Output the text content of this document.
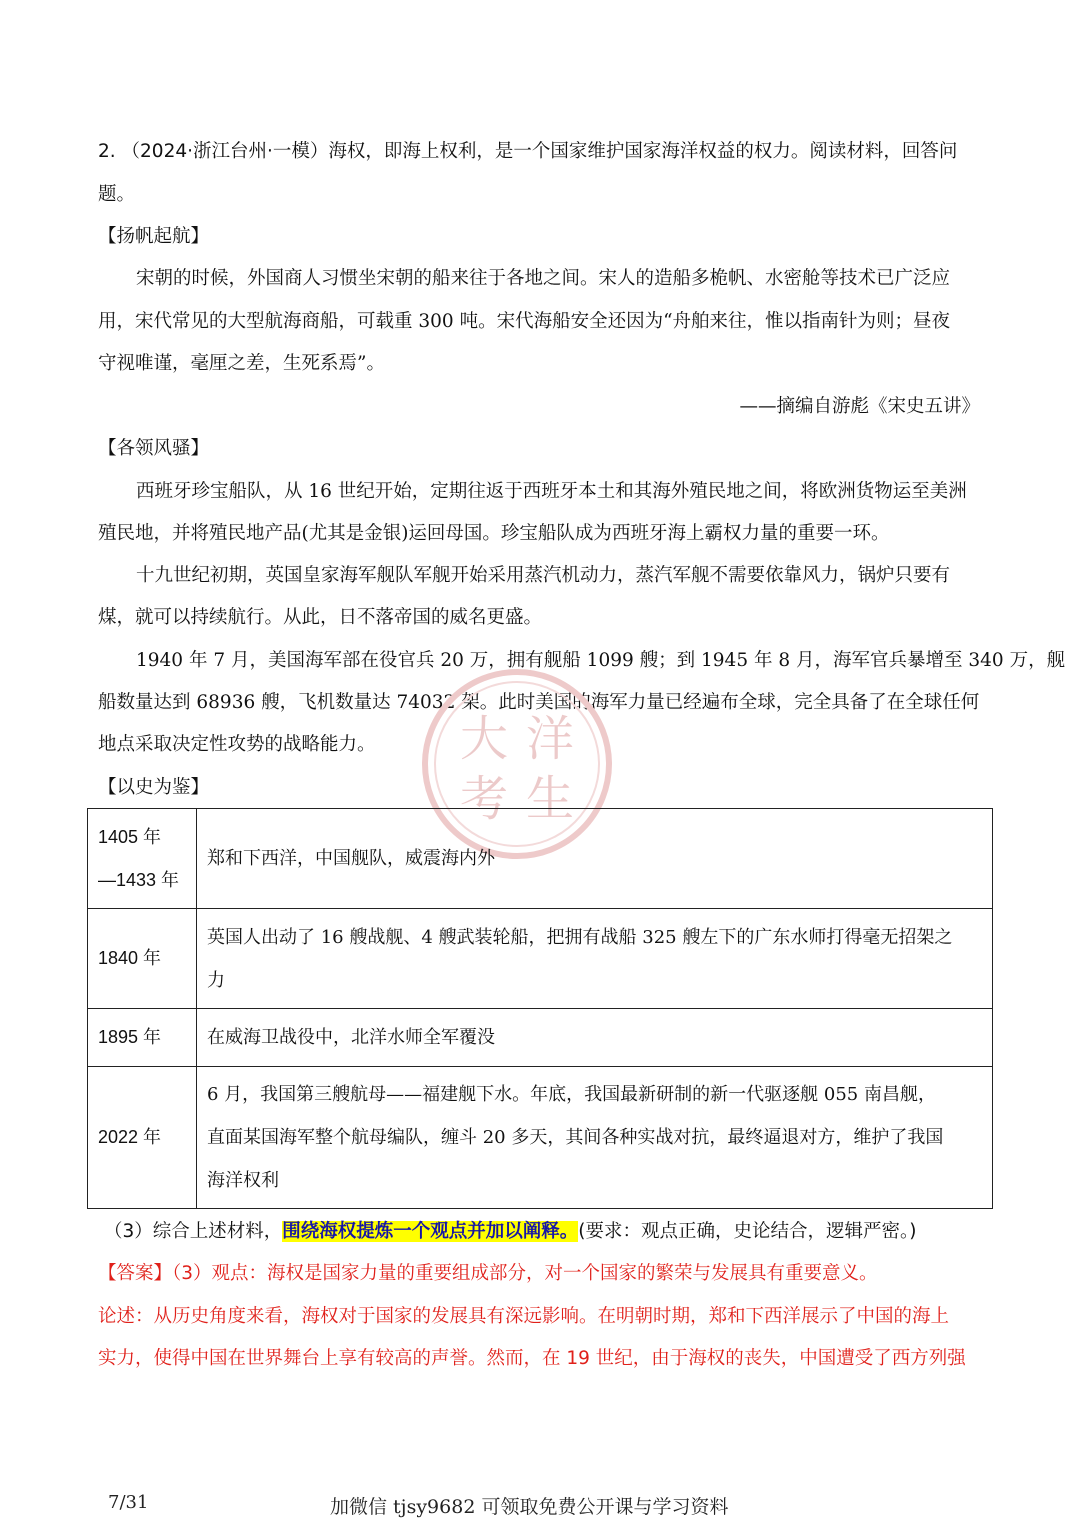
2. （2024·浙江台州·一模）海权，即海上权利，是一个国家维护国家海洋权益的权力。阅读材料，回答问
题。
【扬帆起航】
宋朝的时候，外国商人习惯坐宋朝的船来往于各地之间。宋人的造船多桅帆、水密舱等技术已广泛应
用，宋代常见的大型航海商船，可载重 300 吨。宋代海船安全还因为“舟舶来往，惟以指南针为则；昼夜
守视唯谨，毫厘之差，生死系焉”。
——摘编自游彪《宋史五讲》
【各领风骚】
西班牙珍宝船队，从 16 世纪开始，定期往返于西班牙本土和其海外殖民地之间，将欧洲货物运至美洲
殖民地，并将殖民地产品(尤其是金银)运回母国。珍宝船队成为西班牙海上霸权力量的重要一环。
十九世纪初期，英国皇家海军舰队军舰开始采用蒸汽机动力，蒸汽军舰不需要依靠风力，锅炉只要有
煤，就可以持续航行。从此，日不落帝国的威名更盛。
1940 年 7 月，美国海军部在役官兵 20 万，拥有舰船 1099 艘；到 1945 年 8 月，海军官兵暴增至 340 万，舰
船数量达到 68936 艘，飞机数量达 74032 架。此时美国的海军力量已经遍布全球，完全具备了在全球任何
地点采取决定性攻势的战略能力。	大 洋
考 生
【以史为鉴】
1405 年
—1433 年	郑和下西洋，中国舰队，威震海内外

1840 年	英国人出动了 16 艘战舰、4 艘武装轮船，把拥有战船 325 艘左下的广东水师打得毫无招架之
力

1895 年	在威海卫战役中，北洋水师全军覆没

2022 年	6 月，我国第三艘航母——福建舰下水。年底，我国最新研制的新一代驱逐舰 055 南昌舰，
直面某国海军整个航母编队，缠斗 20 多天，其间各种实战对抗，最终逼退对方，维护了我国
海洋权利
（3）综合上述材料，围绕海权提炼一个观点并加以阐释。(要求：观点正确，史论结合，逻辑严密。)
【答案】（3）观点：海权是国家力量的重要组成部分，对一个国家的繁荣与发展具有重要意义。
论述：从历史角度来看，海权对于国家的发展具有深远影响。在明朝时期，郑和下西洋展示了中国的海上
实力，使得中国在世界舞台上享有较高的声誉。然而，在 19 世纪，由于海权的丧失，中国遭受了西方列强
7/31	加微信 tjsy9682 可领取免费公开课与学习资料
